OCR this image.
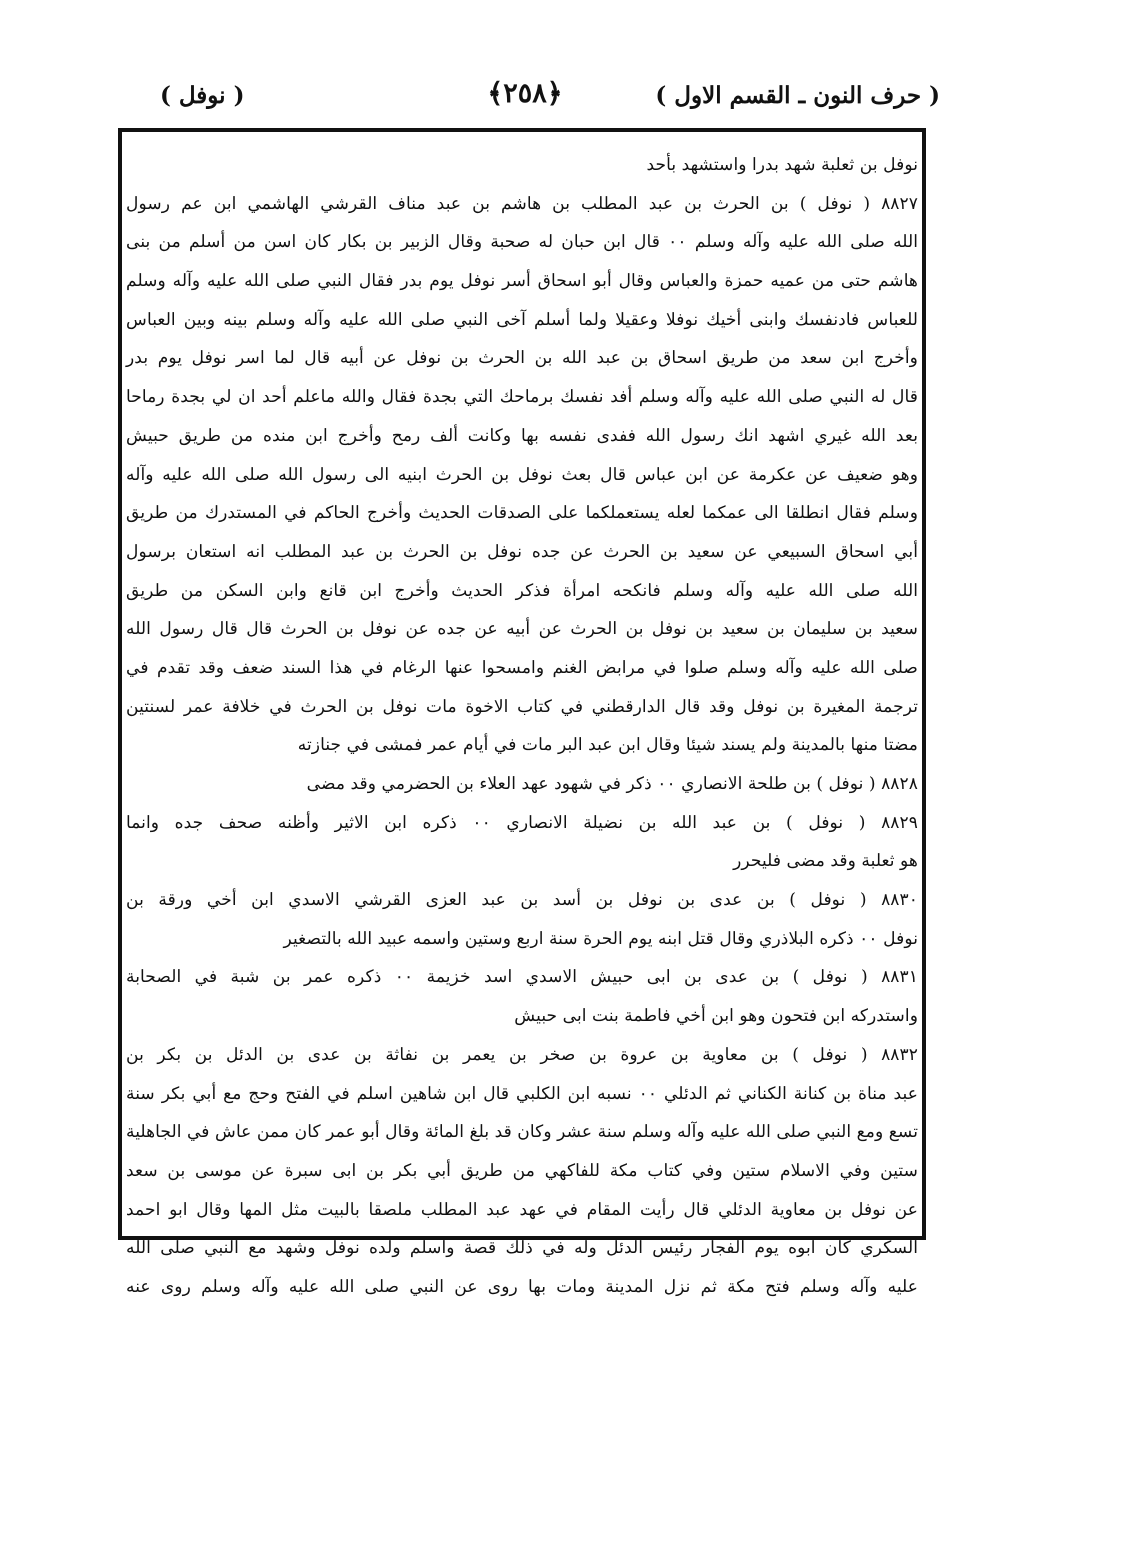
( حرف النون ـ القسم الاول )
﴿٢٥٨﴾
( نوفل )
نوفل بن ثعلبة شهد بدرا واستشهد بأحد
٨٨٢٧ ( نوفل ) بن الحرث بن عبد المطلب بن هاشم بن عبد مناف القرشي الهاشمي ابن عم رسول
الله صلى الله عليه وآله وسلم ٠٠ قال ابن حبان له صحبة وقال الزبير بن بكار كان اسن من أسلم من بنى
هاشم حتى من عميه حمزة والعباس وقال أبو اسحاق أسر نوفل يوم بدر فقال النبي صلى الله عليه وآله وسلم
للعباس فادنفسك وابنى أخيك نوفلا وعقيلا ولما أسلم آخى النبي صلى الله عليه وآله وسلم بينه وبين العباس
وأخرج ابن سعد من طريق اسحاق بن عبد الله بن الحرث بن نوفل عن أبيه قال لما اسر نوفل يوم بدر
قال له النبي صلى الله عليه وآله وسلم أفد نفسك برماحك التي بجدة فقال والله ماعلم أحد ان لي بجدة رماحا
بعد الله غيري اشهد انك رسول الله ففدى نفسه بها وكانت ألف رمح وأخرج ابن منده من طريق حبيش
وهو ضعيف عن عكرمة عن ابن عباس قال بعث نوفل بن الحرث ابنيه الى رسول الله صلى الله عليه وآله
وسلم فقال انطلقا الى عمكما لعله يستعملكما على الصدقات الحديث وأخرج الحاكم في المستدرك من طريق
أبي اسحاق السبيعي عن سعيد بن الحرث عن جده نوفل بن الحرث بن عبد المطلب انه استعان برسول
الله صلى الله عليه وآله وسلم فانكحه امرأة فذكر الحديث وأخرج ابن قانع وابن السكن من طريق
سعيد بن سليمان بن سعيد بن نوفل بن الحرث عن أبيه عن جده عن نوفل بن الحرث قال قال رسول الله
صلى الله عليه وآله وسلم صلوا في مرابض الغنم وامسحوا عنها الرغام في هذا السند ضعف وقد تقدم في
ترجمة المغيرة بن نوفل وقد قال الدارقطني في كتاب الاخوة مات نوفل بن الحرث في خلافة عمر لسنتين
مضتا منها بالمدينة ولم يسند شيئا وقال ابن عبد البر مات في أيام عمر فمشى في جنازته
٨٨٢٨ ( نوفل ) بن طلحة الانصاري ٠٠ ذكر في شهود عهد العلاء بن الحضرمي وقد مضى
٨٨٢٩ ( نوفل ) بن عبد الله بن نضيلة الانصاري ٠٠ ذكره ابن الاثير وأظنه صحف جده وانما
هو ثعلبة وقد مضى فليحرر
٨٨٣٠ ( نوفل ) بن عدى بن نوفل بن أسد بن عبد العزى القرشي الاسدي ابن أخي ورقة بن
نوفل ٠٠ ذكره البلاذري وقال قتل ابنه يوم الحرة سنة اربع وستين واسمه عبيد الله بالتصغير
٨٨٣١ ( نوفل ) بن عدى بن ابى حبيش الاسدي اسد خزيمة ٠٠ ذكره عمر بن شبة في الصحابة
واستدركه ابن فتحون وهو ابن أخي فاطمة بنت ابى حبيش
٨٨٣٢ ( نوفل ) بن معاوية بن عروة بن صخر بن يعمر بن نفاثة بن عدى بن الدئل بن بكر بن
عبد مناة بن كنانة الكناني ثم الدئلي ٠٠ نسبه ابن الكلبي قال ابن شاهين اسلم في الفتح وحج مع أبي بكر سنة
تسع ومع النبي صلى الله عليه وآله وسلم سنة عشر وكان قد بلغ المائة وقال أبو عمر كان ممن عاش في الجاهلية
ستين وفي الاسلام ستين وفي كتاب مكة للفاكهي من طريق أبي بكر بن ابى سبرة عن موسى بن سعد
عن نوفل بن معاوية الدئلي قال رأيت المقام في عهد عبد المطلب ملصقا بالبيت مثل المها وقال ابو احمد
السكري كان ابوه يوم الفجار رئيس الدئل وله في ذلك قصة واسلم ولده نوفل وشهد مع النبي صلى الله
عليه وآله وسلم فتح مكة ثم نزل المدينة ومات بها روى عن النبي صلى الله عليه وآله وسلم روى عنه
